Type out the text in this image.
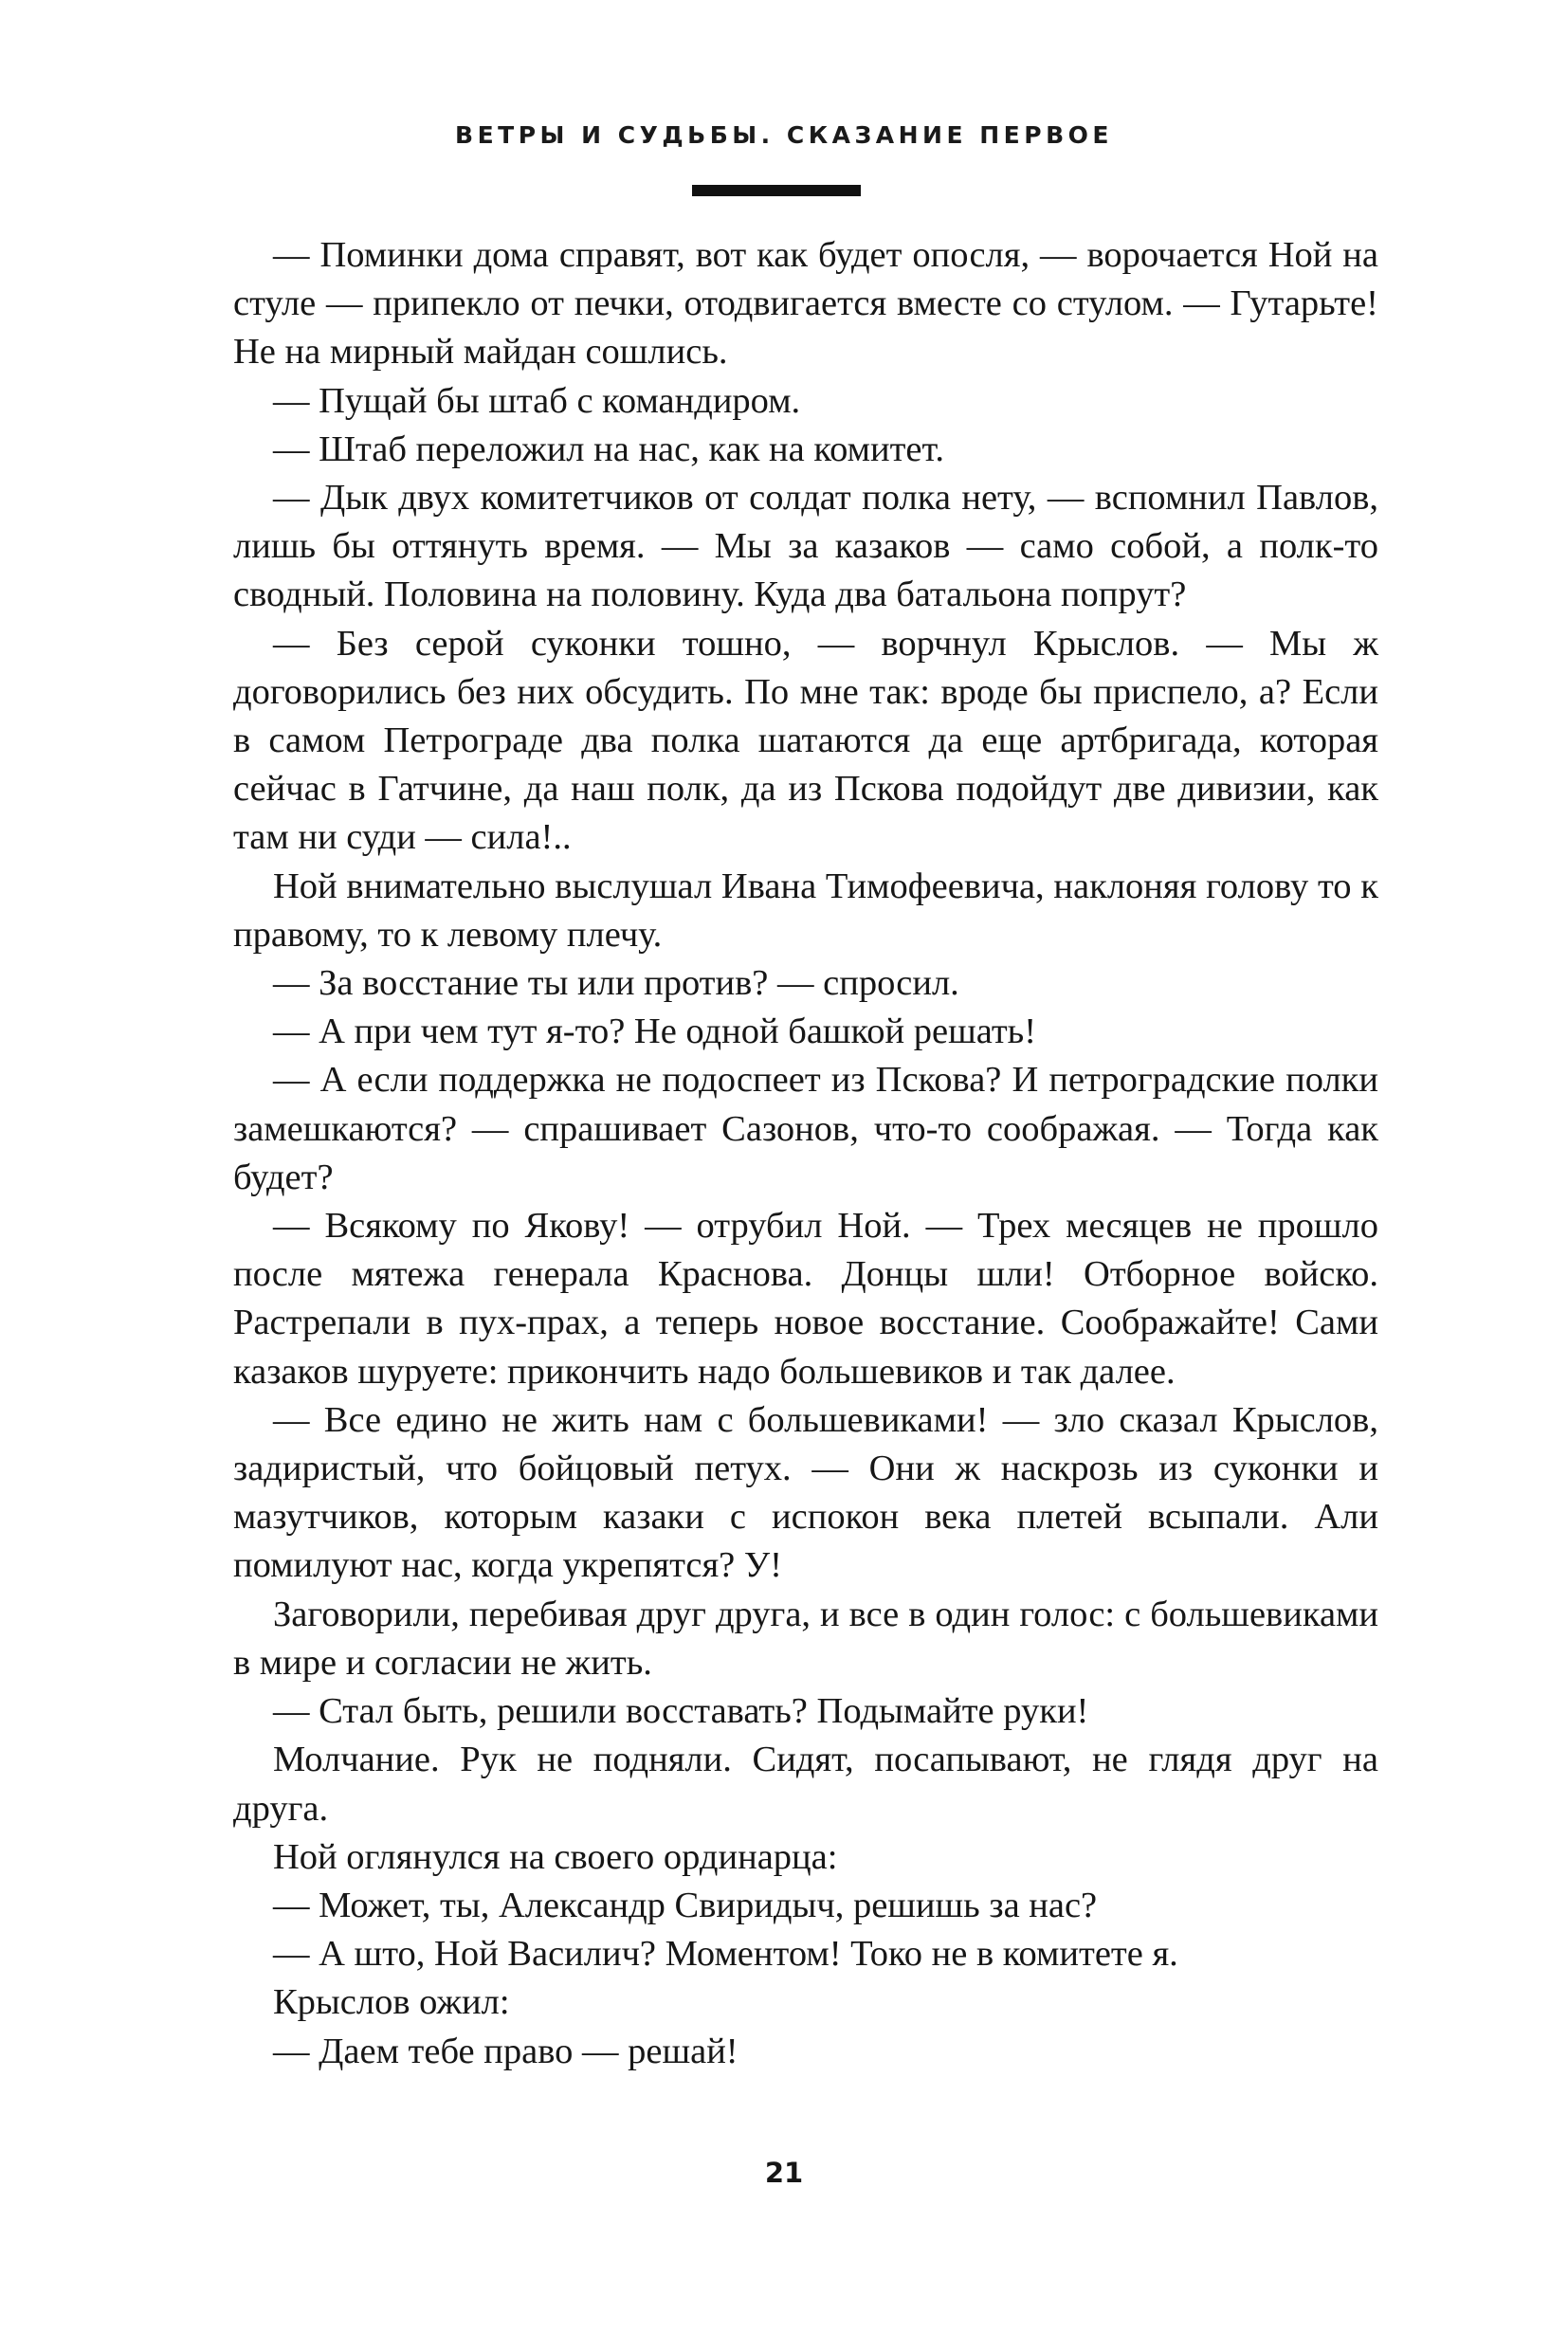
ВЕТРЫ И СУДЬБЫ. СКАЗАНИЕ ПЕРВОЕ

— Поминки дома справят, вот как будет опосля, — ворочается Ной на стуле — припекло от печки, отодвигается вместе со стулом. — Гутарьте! Не на мирный майдан сошлись.

— Пущай бы штаб с командиром.

— Штаб переложил на нас, как на комитет.

— Дык двух комитетчиков от солдат полка нету, — вспомнил Павлов, лишь бы оттянуть время. — Мы за казаков — само собой, а полк-то сводный. Половина на половину. Куда два батальона попрут?

— Без серой суконки тошно, — ворчнул Крыслов. — Мы ж договорились без них обсудить. По мне так: вроде бы приспело, а? Если в самом Петрограде два полка шатаются да еще артбригада, которая сейчас в Гатчине, да наш полк, да из Пскова подойдут две дивизии, как там ни суди — сила!..

Ной внимательно выслушал Ивана Тимофеевича, наклоняя голову то к правому, то к левому плечу.

— За восстание ты или против? — спросил.

— А при чем тут я-то? Не одной башкой решать!

— А если поддержка не подоспеет из Пскова? И петроградские полки замешкаются? — спрашивает Сазонов, что-то соображая. — Тогда как будет?

— Всякому по Якову! — отрубил Ной. — Трех месяцев не прошло после мятежа генерала Краснова. Донцы шли! Отборное войско. Растрепали в пух-прах, а теперь новое восстание. Соображайте! Сами казаков шуруете: прикончить надо большевиков и так далее.

— Все едино не жить нам с большевиками! — зло сказал Крыслов, задиристый, что бойцовый петух. — Они ж наскрозь из суконки и мазутчиков, которым казаки с испокон века плетей всыпали. Али помилуют нас, когда укрепятся? У!

Заговорили, перебивая друг друга, и все в один голос: с большевиками в мире и согласии не жить.

— Стал быть, решили восставать? Подымайте руки!

Молчание. Рук не подняли. Сидят, посапывают, не глядя друг на друга.

Ной оглянулся на своего ординарца:

— Может, ты, Александр Свиридыч, решишь за нас?

— А што, Ной Василич? Моментом! Токо не в комитете я.

Крыслов ожил:

— Даем тебе право — решай!

21
